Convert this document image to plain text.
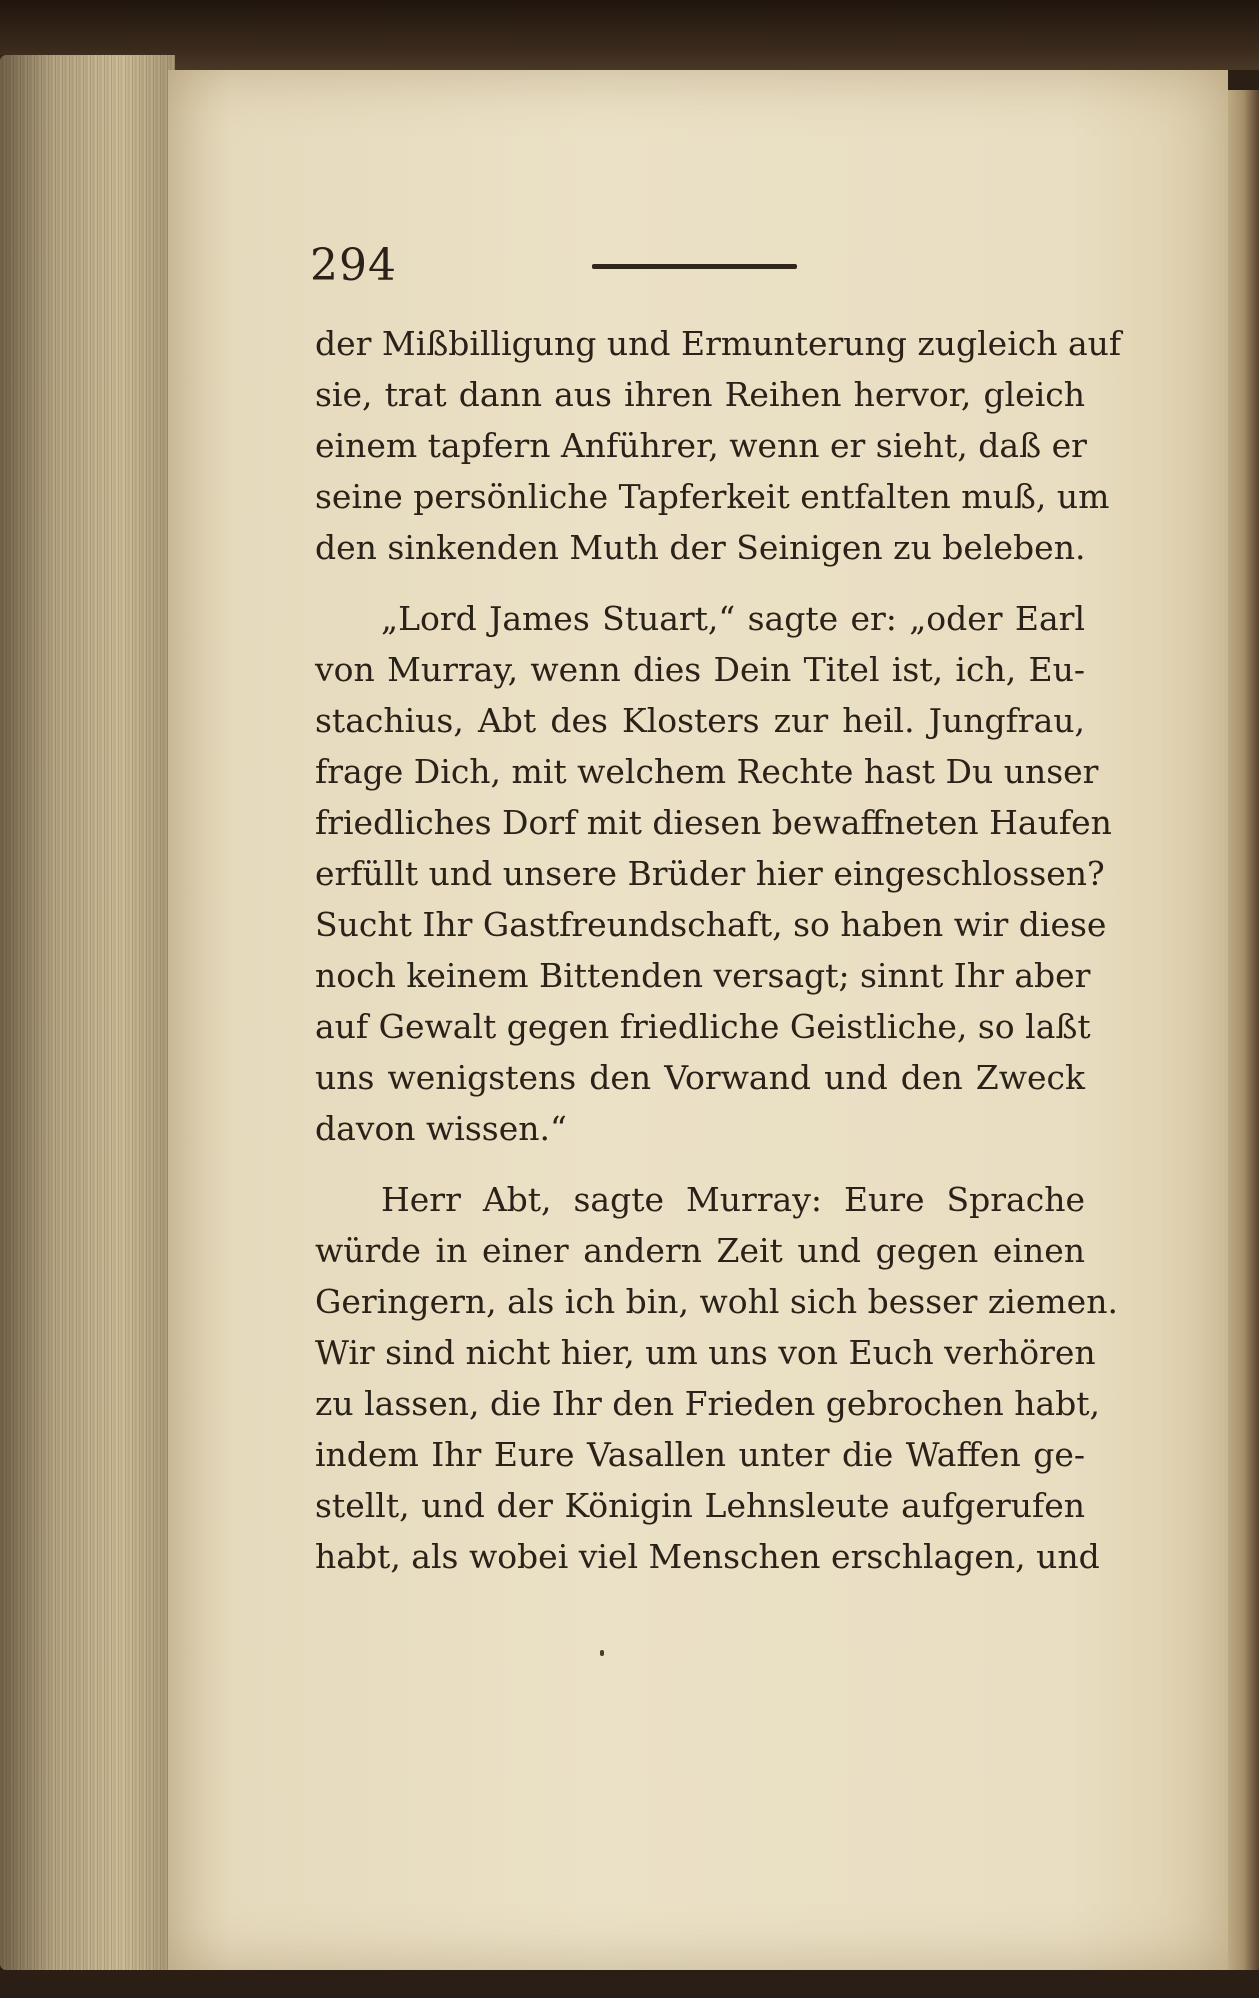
294
der Mißbilligung und Ermunterung zugleich auf
sie, trat dann aus ihren Reihen hervor, gleich
einem tapfern Anführer, wenn er sieht, daß er
seine persönliche Tapferkeit entfalten muß, um
den sinkenden Muth der Seinigen zu beleben.
„Lord James Stuart,“ sagte er: „oder Earl
von Murray, wenn dies Dein Titel ist, ich, Eu-
stachius, Abt des Klosters zur heil. Jungfrau,
frage Dich, mit welchem Rechte hast Du unser
friedliches Dorf mit diesen bewaffneten Haufen
erfüllt und unsere Brüder hier eingeschlossen?
Sucht Ihr Gastfreundschaft, so haben wir diese
noch keinem Bittenden versagt; sinnt Ihr aber
auf Gewalt gegen friedliche Geistliche, so laßt
uns wenigstens den Vorwand und den Zweck
davon wissen.“
Herr Abt, sagte Murray: Eure Sprache
würde in einer andern Zeit und gegen einen
Geringern, als ich bin, wohl sich besser ziemen.
Wir sind nicht hier, um uns von Euch verhören
zu lassen, die Ihr den Frieden gebrochen habt,
indem Ihr Eure Vasallen unter die Waffen ge-
stellt, und der Königin Lehnsleute aufgerufen
habt, als wobei viel Menschen erschlagen, und
